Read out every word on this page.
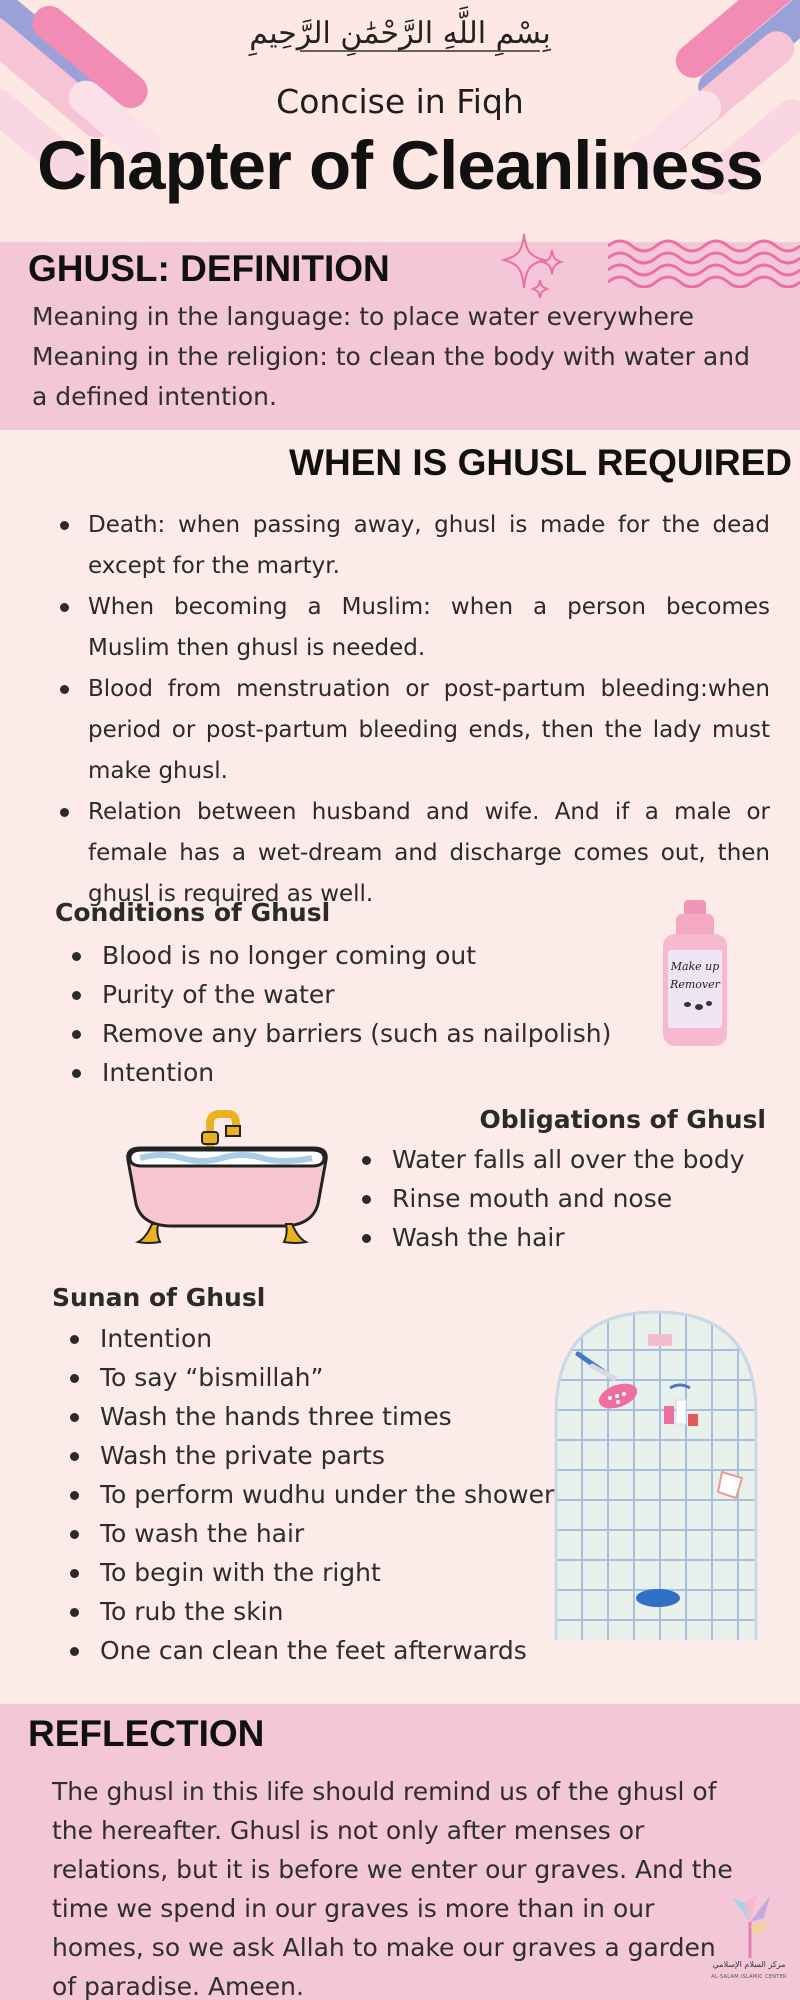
بِسْمِ اللَّهِ الرَّحْمَٰنِ الرَّحِيمِ
Concise in Fiqh
Chapter of Cleanliness
GHUSL: DEFINITION
Meaning in the language: to place water everywhere
Meaning in the religion: to clean the body with water and
a defined intention.
WHEN IS GHUSL REQUIRED
Death: when passing away, ghusl is made for the dead except for the martyr.
When becoming a Muslim: when a person becomes Muslim then ghusl is needed.
Blood from menstruation or post-partum bleeding:when period or post-partum bleeding ends, then the lady must make ghusl.
Relation between husband and wife. And if a male or female has a wet-dream and discharge comes out, then ghusl is required as well.
Conditions of Ghusl
Blood is no longer coming out
Purity of the water
Remove any barriers (such as nailpolish)
Intention
Make up
Remover
Obligations of Ghusl
Water falls all over the body
Rinse mouth and nose
Wash the hair
Sunan of Ghusl
Intention
To say “bismillah”
Wash the hands three times
Wash the private parts
To perform wudhu under the shower
To wash the hair
To begin with the right
To rub the skin
One can clean the feet afterwards
REFLECTION
The ghusl in this life should remind us of the ghusl of the hereafter. Ghusl is not only after menses or relations, but it is before we enter our graves. And the time we spend in our graves is more than in our homes, so we ask Allah to make our graves a garden of paradise. Ameen.
مركز السلام الإسلامي
AL-SALAM ISLAMIC CENTER
